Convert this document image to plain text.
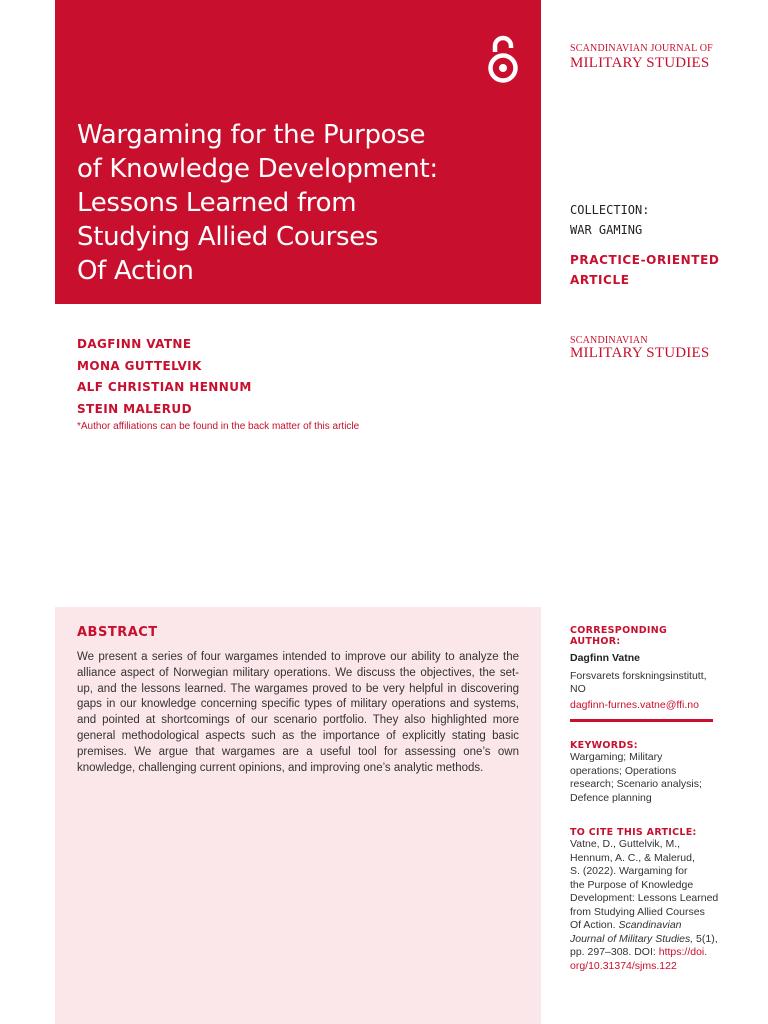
Wargaming for the Purpose
of Knowledge Development:
Lessons Learned from
Studying Allied Courses
Of Action
SCANDINAVIAN JOURNAL OF
MILITARY STUDIES
COLLECTION:
WAR GAMING
PRACTICE-ORIENTED
ARTICLE
SCANDINAVIAN
MILITARY STUDIES
DAGFINN VATNE
MONA GUTTELVIK
ALF CHRISTIAN HENNUM
STEIN MALERUD
*Author affiliations can be found in the back matter of this article
ABSTRACT

We present a series of four wargames intended to improve our ability to analyze the alliance aspect of Norwegian military operations. We discuss the objectives, the set-up, and the lessons learned. The wargames proved to be very helpful in discovering gaps in our knowledge concerning specific types of military operations and systems, and pointed at shortcomings of our scenario portfolio. They also highlighted more general methodological aspects such as the importance of explicitly stating basic premises. We argue that wargames are a useful tool for assessing one’s own knowledge, challenging current opinions, and improving one’s analytic methods.

CORRESPONDING AUTHOR:
Dagfinn Vatne
Forsvarets forskningsinstitutt,
NO
dagfinn-furnes.vatne@ffi.no
KEYWORDS:
Wargaming; Military
operations; Operations
research; Scenario analysis;
Defence planning
TO CITE THIS ARTICLE:
Vatne, D., Guttelvik, M.,
Hennum, A. C., & Malerud,
S. (2022). Wargaming for
the Purpose of Knowledge
Development: Lessons Learned
from Studying Allied Courses
Of Action. Scandinavian
Journal of Military Studies, 5(1),
pp. 297–308. DOI: https://doi.
org/10.31374/sjms.122
